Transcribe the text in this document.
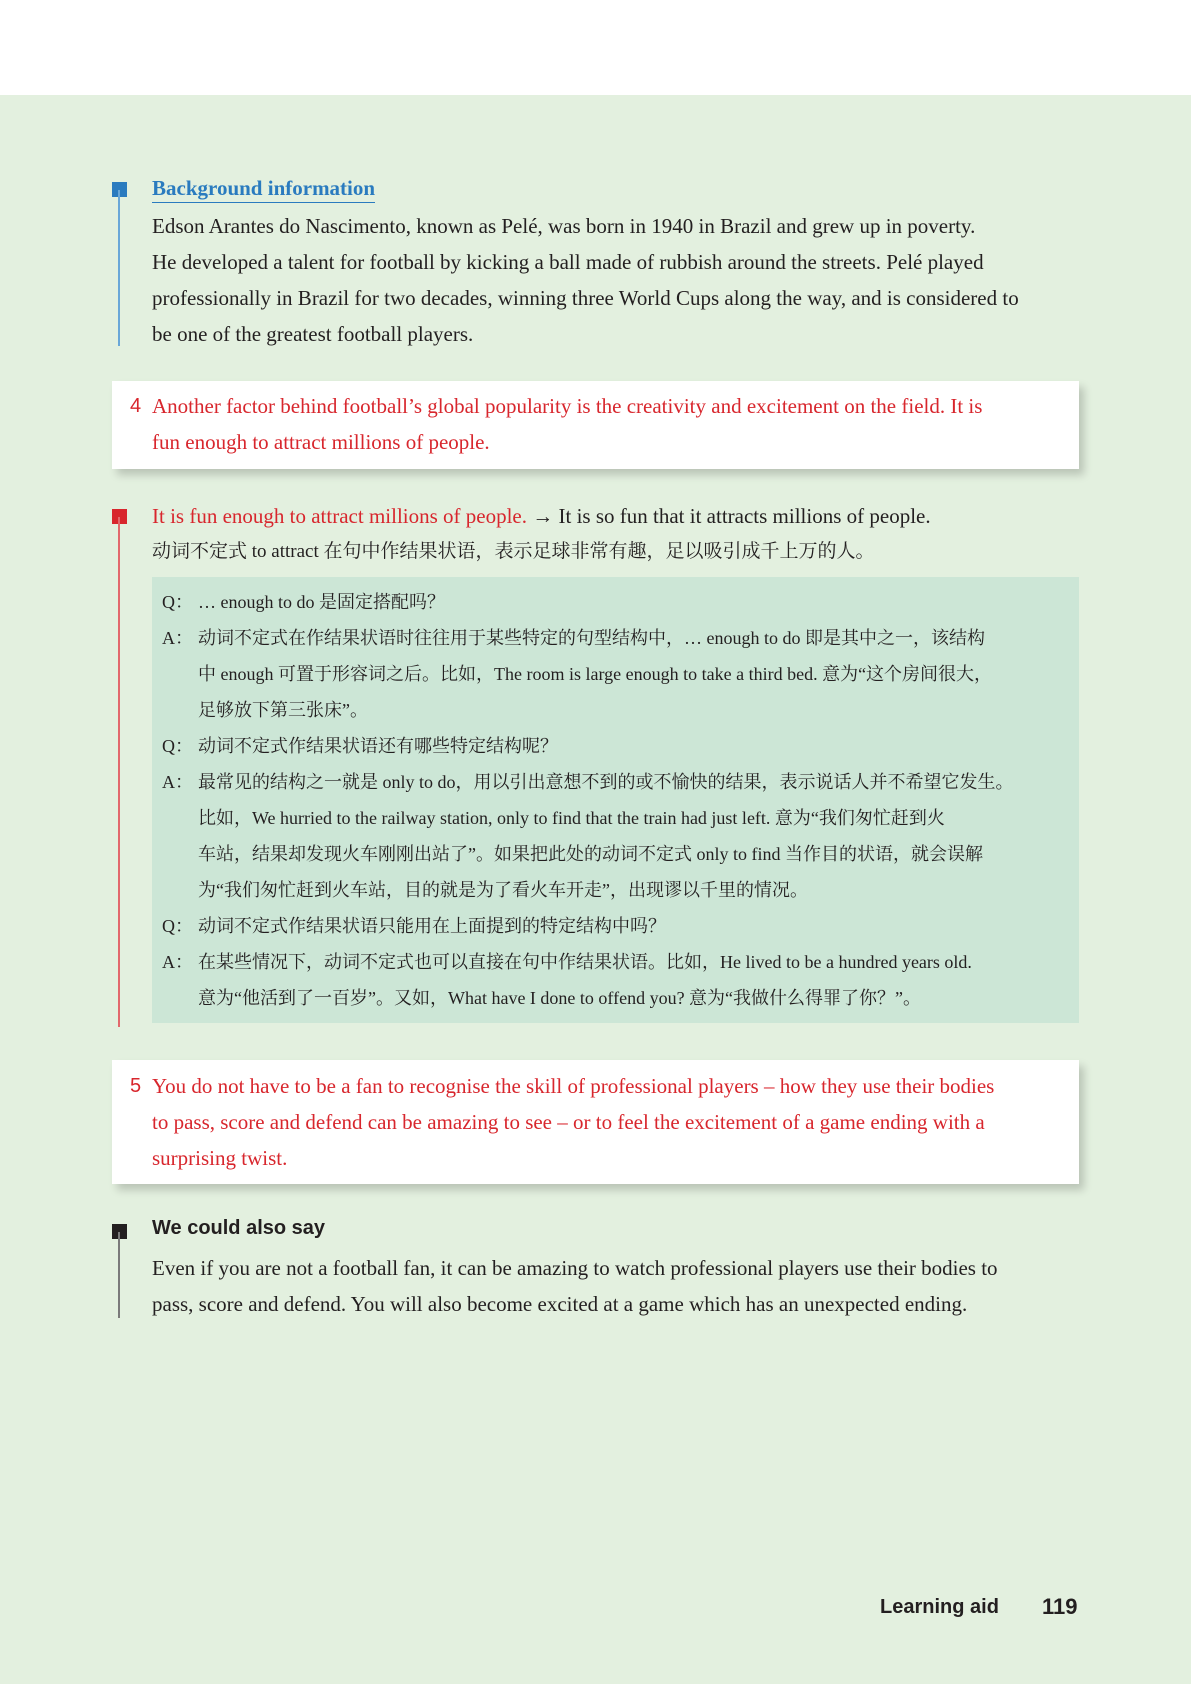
Background information
Edson Arantes do Nascimento, known as Pelé, was born in 1940 in Brazil and grew up in poverty.
He developed a talent for football by kicking a ball made of rubbish around the streets. Pelé played
professionally in Brazil for two decades, winning three World Cups along the way, and is considered to
be one of the greatest football players.
4 Another factor behind football’s global popularity is the creativity and excitement on the field. It is
fun enough to attract millions of people.
It is fun enough to attract millions of people. → It is so fun that it attracts millions of people.
动词不定式 to attract 在句中作结果状语，表示足球非常有趣，足以吸引成千上万的人。
Q： … enough to do 是固定搭配吗？
A： 动词不定式在作结果状语时往往用于某些特定的句型结构中，… enough to do 即是其中之一，该结构
中 enough 可置于形容词之后。比如，The room is large enough to take a third bed. 意为“这个房间很大，
足够放下第三张床”。
Q： 动词不定式作结果状语还有哪些特定结构呢？
A： 最常见的结构之一就是 only to do，用以引出意想不到的或不愉快的结果，表示说话人并不希望它发生。
比如，We hurried to the railway station, only to find that the train had just left. 意为“我们匆忙赶到火
车站，结果却发现火车刚刚出站了”。如果把此处的动词不定式 only to find 当作目的状语，就会误解
为“我们匆忙赶到火车站，目的就是为了看火车开走”，出现谬以千里的情况。
Q： 动词不定式作结果状语只能用在上面提到的特定结构中吗？
A： 在某些情况下，动词不定式也可以直接在句中作结果状语。比如，He lived to be a hundred years old.
意为“他活到了一百岁”。又如，What have I done to offend you? 意为“我做什么得罪了你？”。
5 You do not have to be a fan to recognise the skill of professional players – how they use their bodies
to pass, score and defend can be amazing to see – or to feel the excitement of a game ending with a
surprising twist.
We could also say
Even if you are not a football fan, it can be amazing to watch professional players use their bodies to
pass, score and defend. You will also become excited at a game which has an unexpected ending.
Learning aid 119
